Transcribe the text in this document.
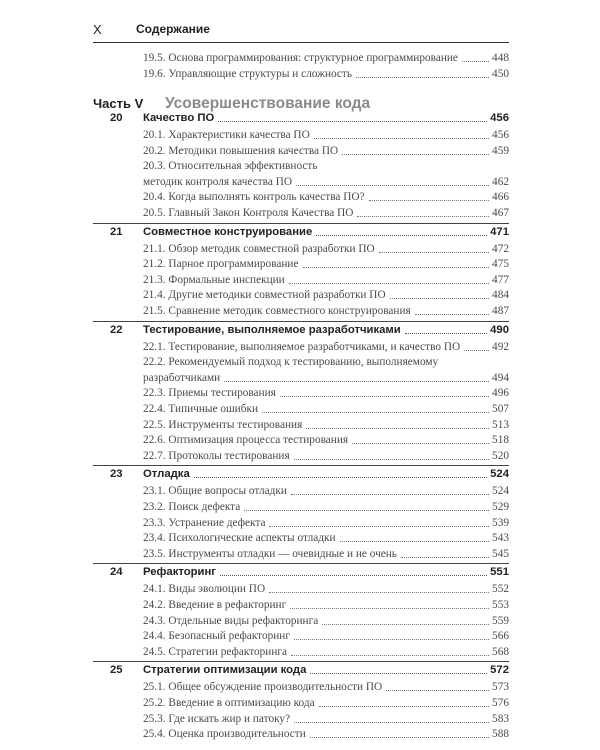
X	Содержание
Часть V Усовершенствование кода
19.5. Основа программирования: структурное программирование	448
19.6. Управляющие структуры и сложность	450
20	Качество ПО	456
20.1. Характеристики качества ПО	456
20.2. Методики повышения качества ПО	459
20.3. Относительная эффективность
методик контроля качества ПО	462
20.4. Когда выполнять контроль качества ПО?	466
20.5. Главный Закон Контроля Качества ПО	467
21	Совместное конструирование	471
21.1. Обзор методик совместной разработки ПО	472
21.2. Парное программирование	475
21.3. Формальные инспекции	477
21.4. Другие методики совместной разработки ПО	484
21.5. Сравнение методик совместного конструирования	487
22	Тестирование, выполняемое разработчиками	490
22.1. Тестирование, выполняемое разработчиками, и качество ПО	492
22.2. Рекомендуемый подход к тестированию, выполняемому
разработчиками	494
22.3. Приемы тестирования	496
22.4. Типичные ошибки	507
22.5. Инструменты тестирования	513
22.6. Оптимизация процесса тестирования	518
22.7. Протоколы тестирования	520
23	Отладка	524
23.1. Общие вопросы отладки	524
23.2. Поиск дефекта	529
23.3. Устранение дефекта	539
23.4. Психологические аспекты отладки	543
23.5. Инструменты отладки — очевидные и не очень	545
24	Рефакторинг	551
24.1. Виды эволюции ПО	552
24.2. Введение в рефакторинг	553
24.3. Отдельные виды рефакторинга	559
24.4. Безопасный рефакторинг	566
24.5. Стратегии рефакторинга	568
25	Стратегии оптимизации кода	572
25.1. Общее обсуждение производительности ПО	573
25.2. Введение в оптимизацию кода	576
25.3. Где искать жир и патоку?	583
25.4. Оценка производительности	588
